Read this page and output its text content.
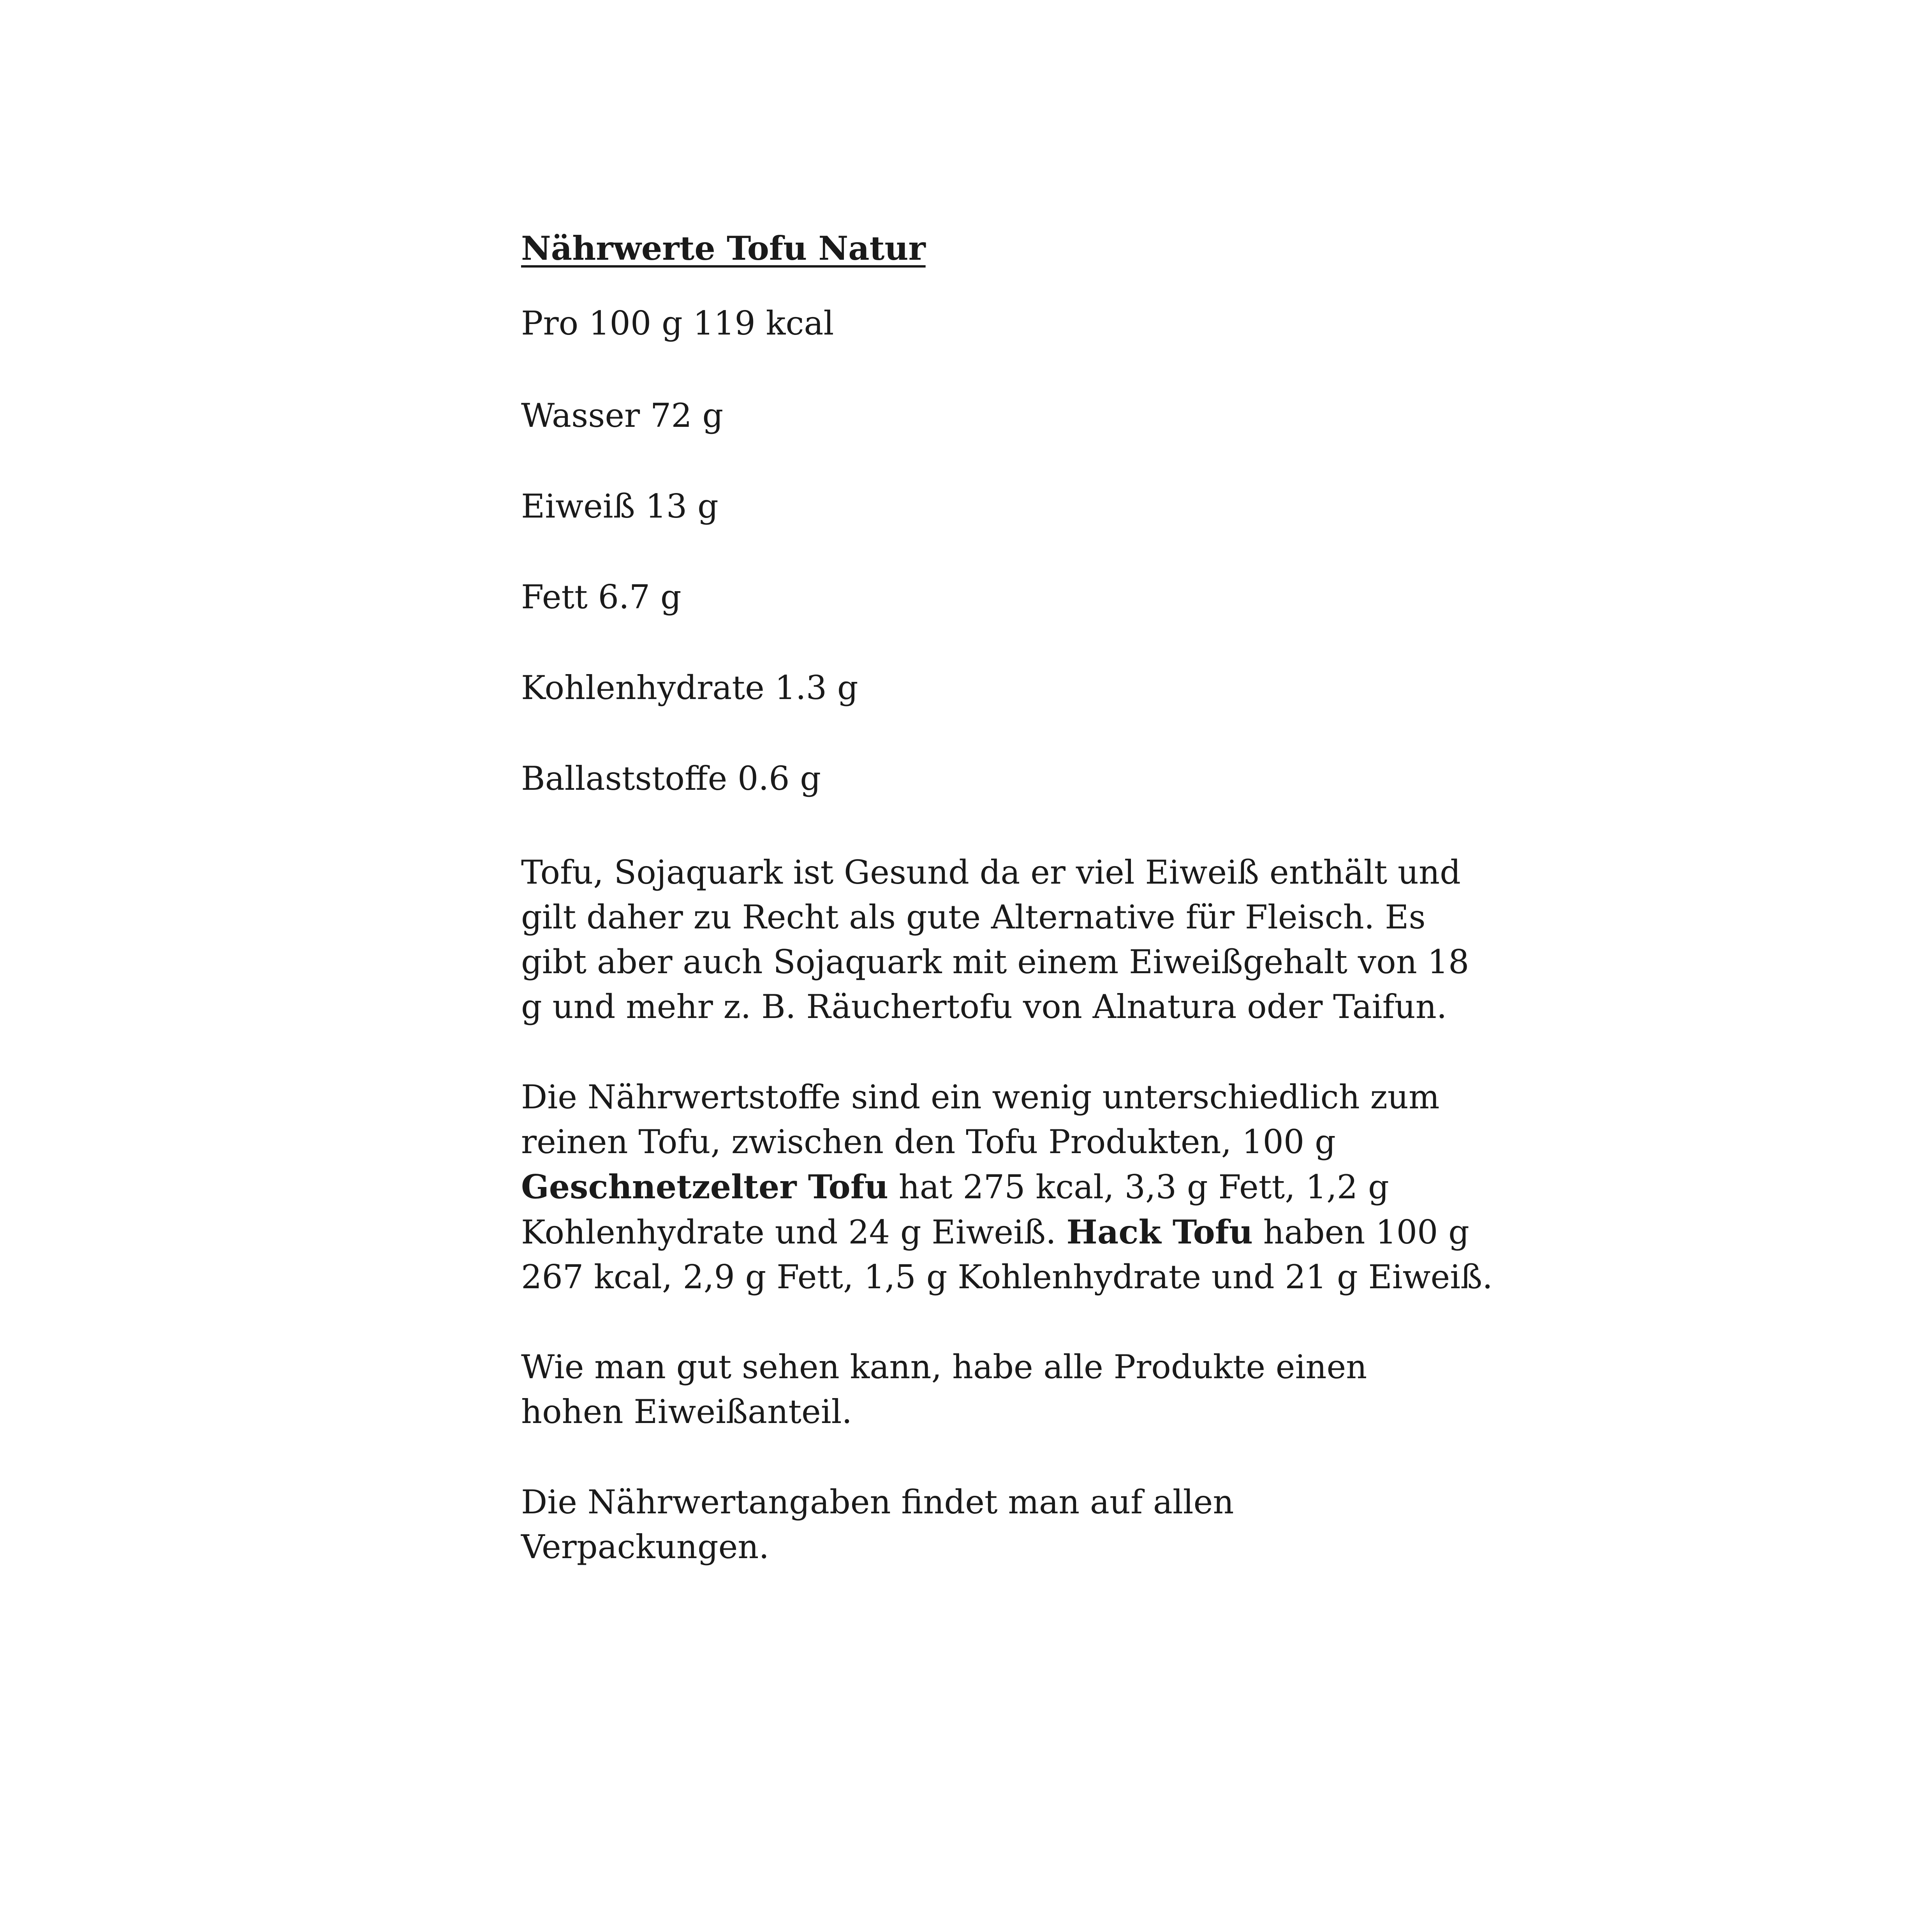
Nährwerte Tofu Natur
Pro 100 g 119 kcal
Wasser 72 g
Eiweiß 13 g
Fett 6.7 g
Kohlenhydrate 1.3 g
Ballaststoffe 0.6 g
Tofu, Sojaquark ist Gesund da er viel Eiweiß enthält und
gilt daher zu Recht als gute Alternative für Fleisch. Es
gibt aber auch Sojaquark mit einem Eiweißgehalt von 18
g und mehr z. B. Räuchertofu von Alnatura oder Taifun.
Die Nährwertstoffe sind ein wenig unterschiedlich zum
reinen Tofu, zwischen den Tofu Produkten, 100 g
Geschnetzelter Tofu hat 275 kcal, 3,3 g Fett, 1,2 g
Kohlenhydrate und 24 g Eiweiß. Hack Tofu haben 100 g
267 kcal, 2,9 g Fett, 1,5 g Kohlenhydrate und 21 g Eiweiß.
Wie man gut sehen kann, habe alle Produkte einen
hohen Eiweißanteil.
Die Nährwertangaben findet man auf allen
Verpackungen.
